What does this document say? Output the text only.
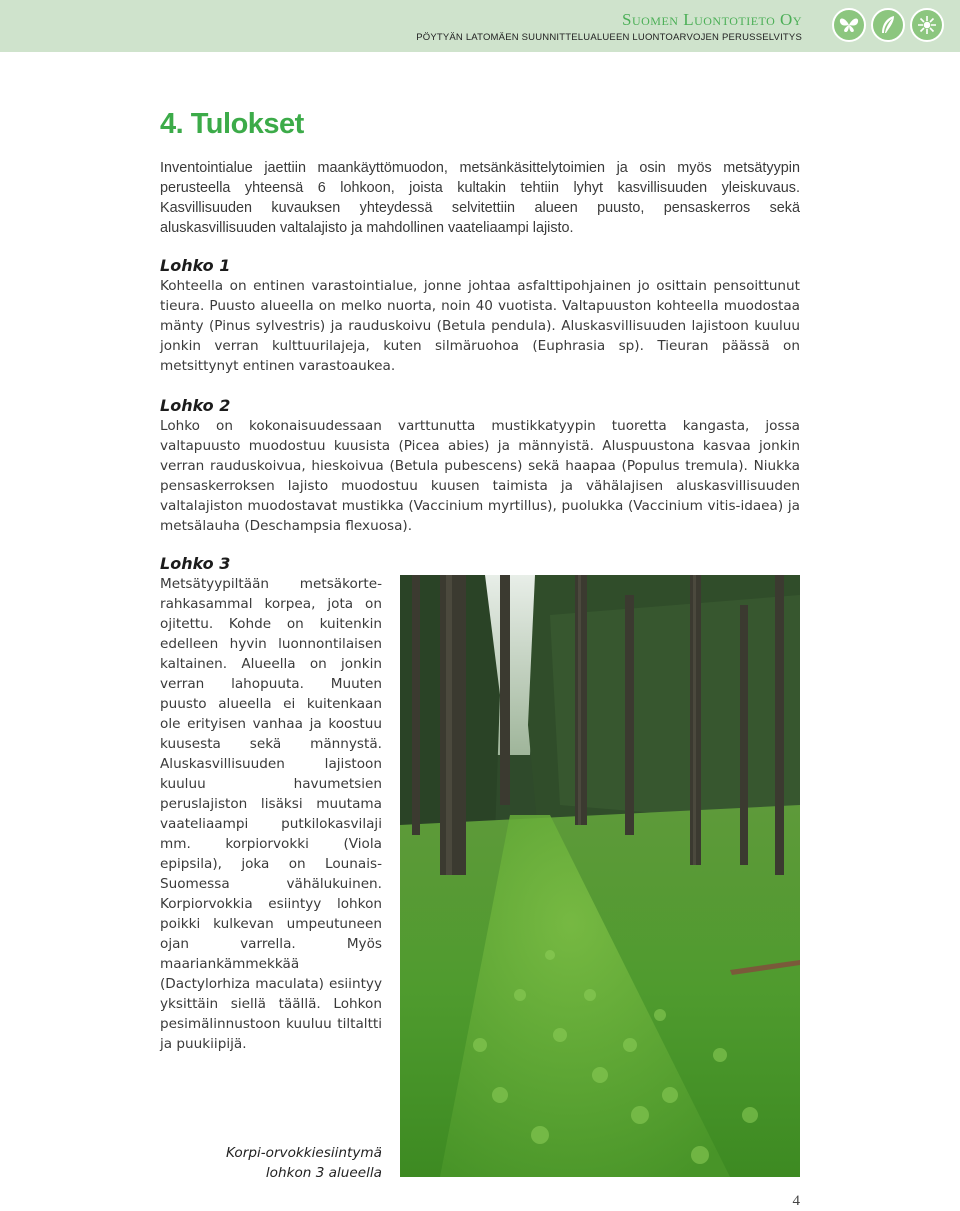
Suomen Luontotieto Oy
PÖYTYÄN LATOMÄEN SUUNNITTELUALUEEN LUONTOARVOJEN PERUSSELVITYS
4. Tulokset

Inventointialue jaettiin maankäyttömuodon, metsänkäsittelytoimien ja osin myös metsätyypin perusteella yhteensä 6 lohkoon, joista kultakin tehtiin lyhyt kasvillisuuden yleiskuvaus. Kasvillisuuden kuvauksen yhteydessä selvitettiin alueen puusto, pensaskerros sekä aluskasvillisuuden valtalajisto ja mahdollinen vaateliaampi lajisto.

Lohko 1

Kohteella on entinen varastointialue, jonne johtaa asfalttipohjainen jo osittain pensoittunut tieura. Puusto alueella on melko nuorta, noin 40 vuotista. Valtapuuston kohteella muodostaa mänty (Pinus sylvestris) ja rauduskoivu (Betula pendula). Aluskasvillisuuden lajistoon kuuluu jonkin verran kulttuurilajeja, kuten silmäruohoa (Euphrasia sp). Tieuran päässä on metsittynyt entinen varastoaukea.

Lohko 2

Lohko on kokonaisuudessaan varttunutta mustikkatyypin tuoretta kangasta, jossa valtapuusto muodostuu kuusista (Picea abies) ja männyistä. Aluspuustona kasvaa jonkin verran rauduskoivua, hieskoivua (Betula pubescens) sekä haapaa (Populus tremula). Niukka pensaskerroksen lajisto muodostuu kuusen taimista ja vähälajisen aluskasvillisuuden valtalajiston muodostavat mustikka (Vaccinium myrtillus), puolukka (Vaccinium vitis-idaea) ja metsälauha (Deschampsia flexuosa).

Lohko 3

Metsätyypiltään metsäkorte-rahkasammal korpea, jota on ojitettu. Kohde on kuitenkin edelleen hyvin luonnontilaisen kaltainen. Alueella on jonkin verran lahopuuta. Muuten puusto alueella ei kuitenkaan ole erityisen vanhaa ja koostuu kuusesta sekä männystä. Aluskasvillisuuden lajistoon kuuluu havumetsien peruslajiston lisäksi muutama vaateliaampi putkilokasvilaji mm. korpiorvokki (Viola epipsila), joka on Lounais-Suomessa vähälukuinen. Korpiorvokkia esiintyy lohkon poikki kulkevan umpeutuneen ojan varrella. Myös maariankämmekkää (Dactylorhiza maculata) esiintyy yksittäin siellä täällä. Lohkon pesimälinnustoon kuuluu tiltaltti ja puukiipijä.

Korpi-orvokkiesiintymä
lohkon 3 alueella
4
